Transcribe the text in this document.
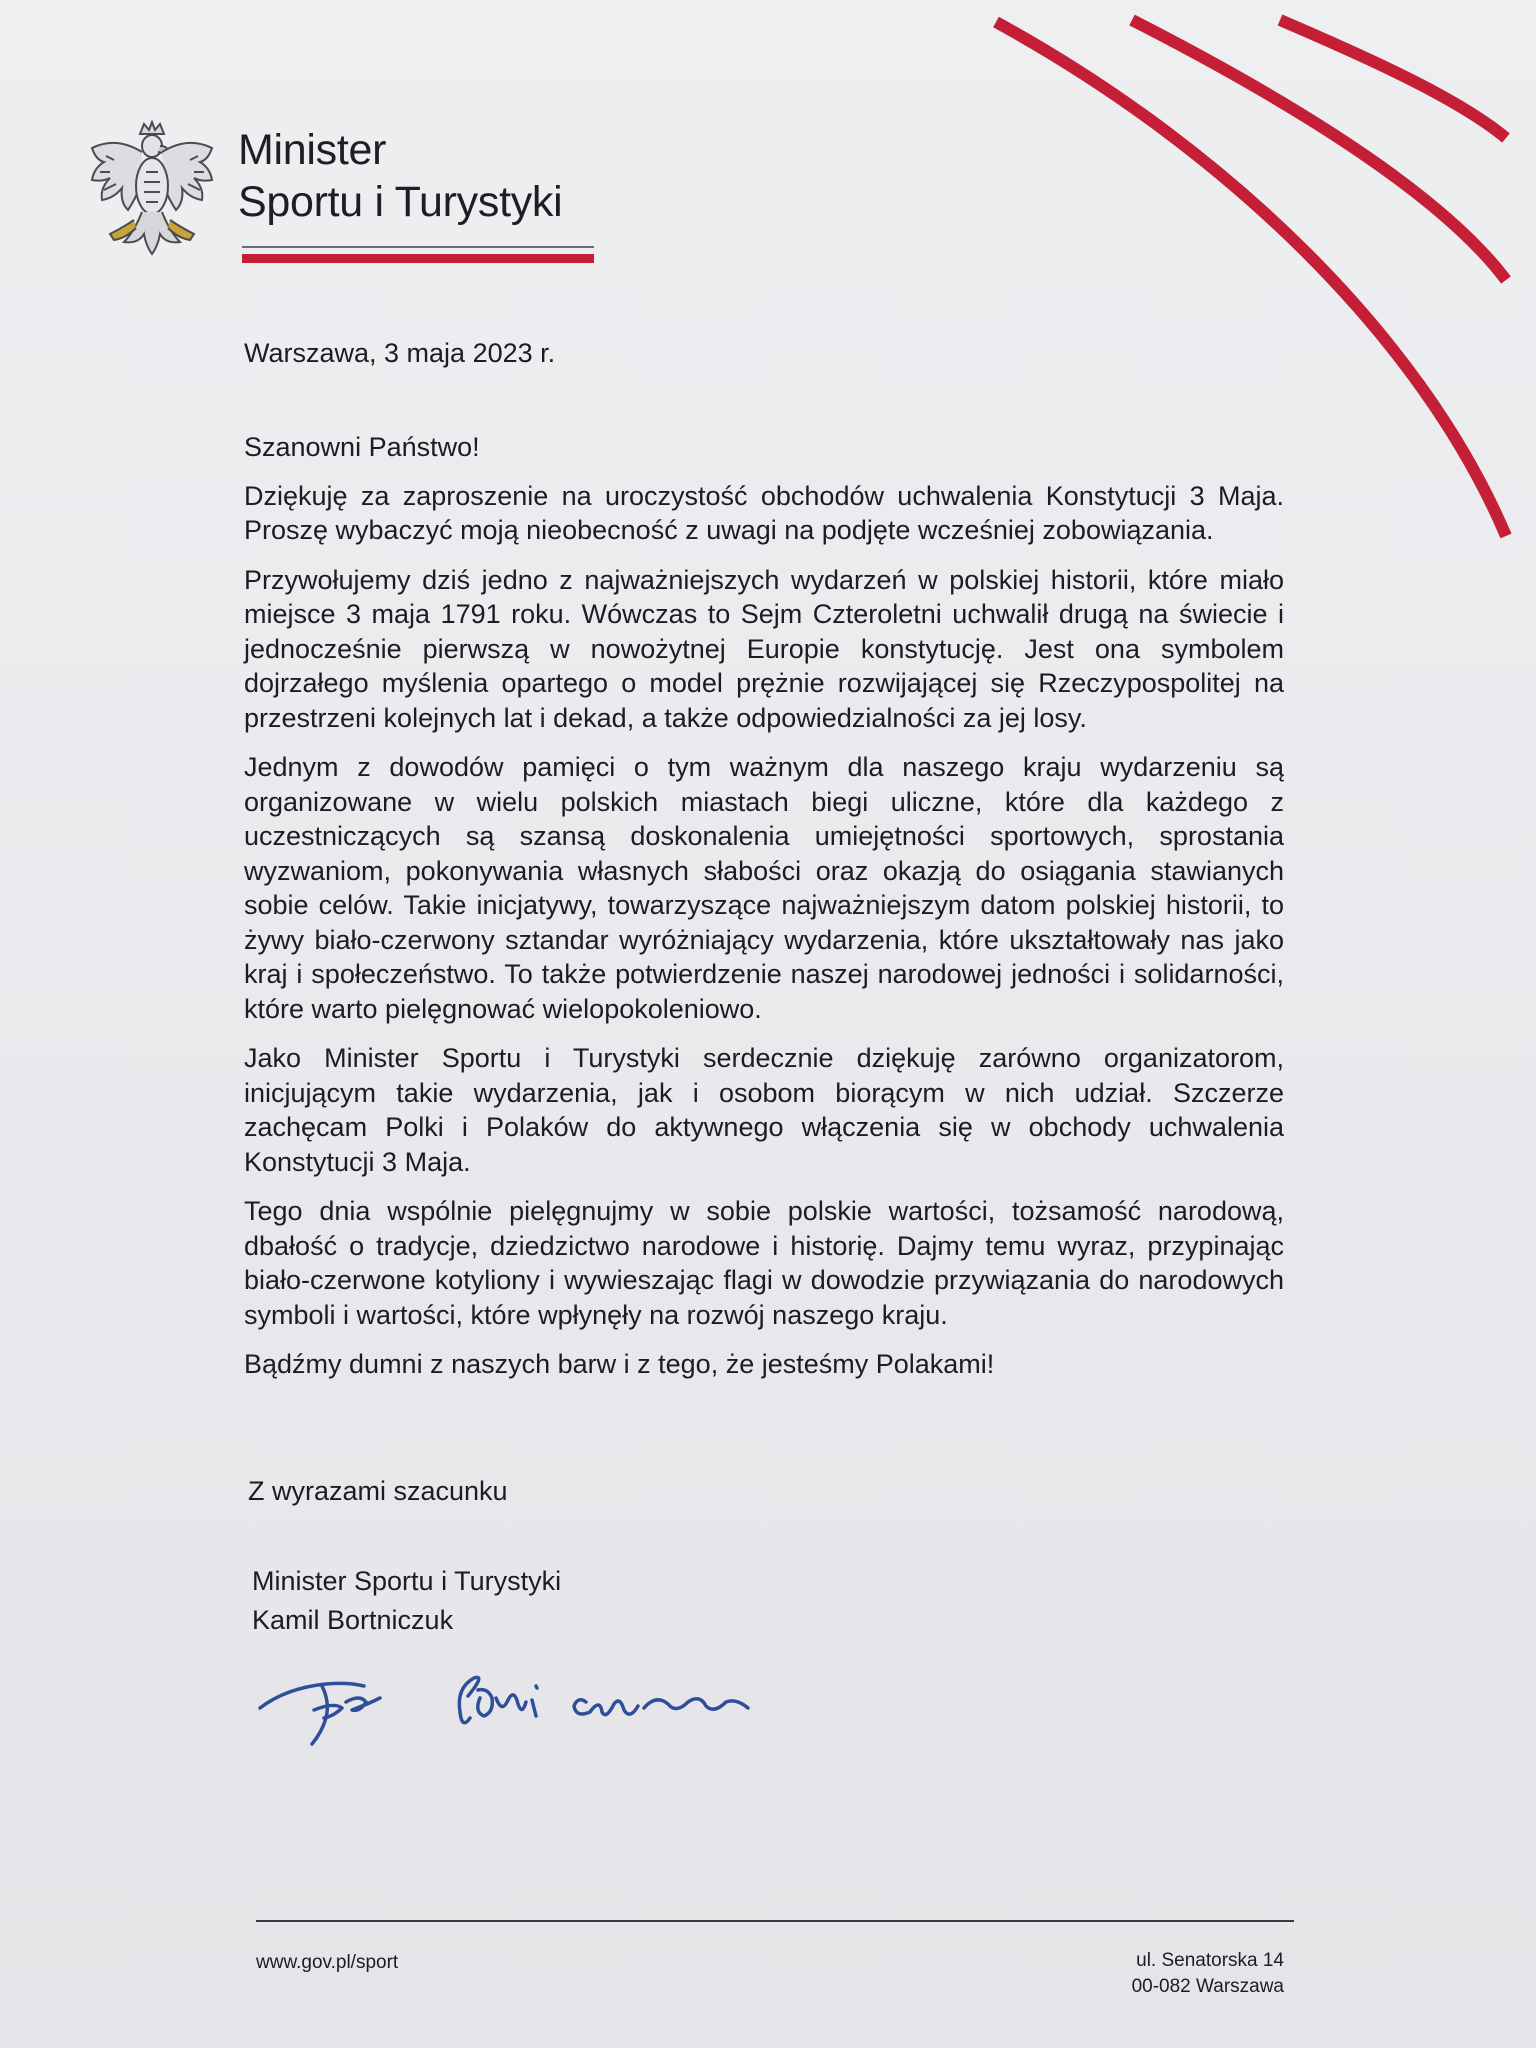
Minister
Sportu i Turystyki
Warszawa, 3 maja 2023 r.

Szanowni Państwo!

Dziękuję za zaproszenie na uroczystość obchodów uchwalenia Konstytucji 3 Maja. Proszę wybaczyć moją nieobecność z uwagi na podjęte wcześniej zobowiązania.

Przywołujemy dziś jedno z najważniejszych wydarzeń w polskiej historii, które miało miejsce 3 maja 1791 roku. Wówczas to Sejm Czteroletni uchwalił drugą na świecie i jednocześnie pierwszą w nowożytnej Europie konstytucję. Jest ona symbolem dojrzałego myślenia opartego o model prężnie rozwijającej się Rzeczypospolitej na przestrzeni kolejnych lat i dekad, a także odpowiedzialności za jej losy.

Jednym z dowodów pamięci o tym ważnym dla naszego kraju wydarzeniu są organizowane w wielu polskich miastach biegi uliczne, które dla każdego z uczestniczących są szansą doskonalenia umiejętności sportowych, sprostania wyzwaniom, pokonywania własnych słabości oraz okazją do osiągania stawianych sobie celów. Takie inicjatywy, towarzyszące najważniejszym datom polskiej historii, to żywy biało-czerwony sztandar wyróżniający wydarzenia, które ukształtowały nas jako kraj i społeczeństwo. To także potwierdzenie naszej narodowej jedności i solidarności, które warto pielęgnować wielopokoleniowo.

Jako Minister Sportu i Turystyki serdecznie dziękuję zarówno organizatorom, inicjującym takie wydarzenia, jak i osobom biorącym w nich udział. Szczerze zachęcam Polki i Polaków do aktywnego włączenia się w obchody uchwalenia Konstytucji 3 Maja.

Tego dnia wspólnie pielęgnujmy w sobie polskie wartości, tożsamość narodową, dbałość o tradycje, dziedzictwo narodowe i historię. Dajmy temu wyraz, przypinając biało-czerwone kotyliony i wywieszając flagi w dowodzie przywiązania do narodowych symboli i wartości, które wpłynęły na rozwój naszego kraju.

Bądźmy dumni z naszych barw i z tego, że jesteśmy Polakami!

Z wyrazami szacunku
Minister Sportu i Turystyki
Kamil Bortniczuk
www.gov.pl/sport	ul. Senatorska 14
00-082 Warszawa
